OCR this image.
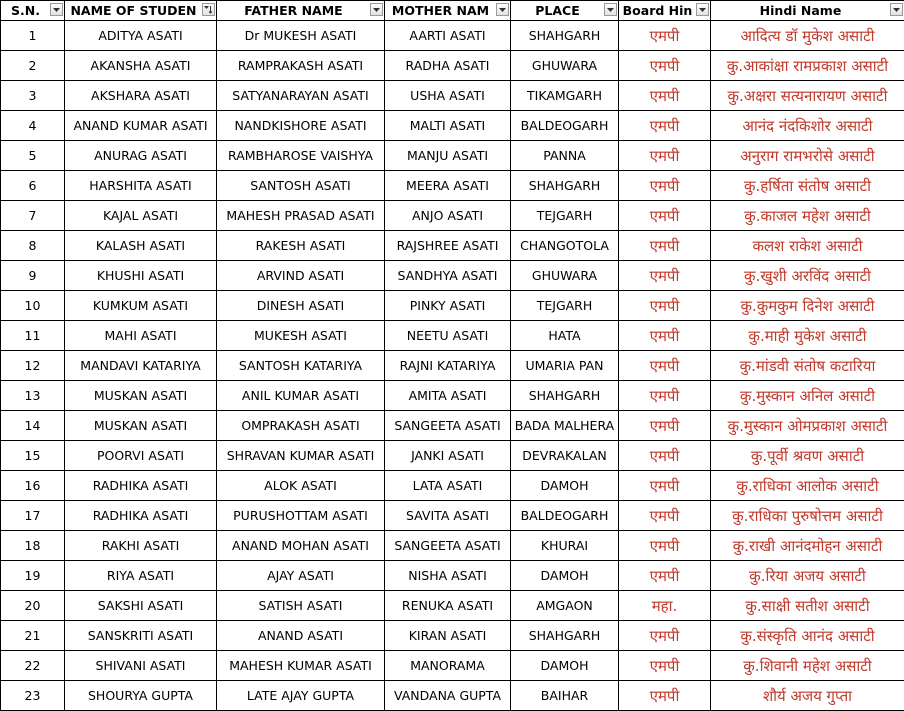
S.N.	NAME OF STUDEN	FATHER NAME	MOTHER NAM	PLACE	Board Hin	Hindi Name

1	ADITYA ASATI	Dr MUKESH ASATI	AARTI ASATI	SHAHGARH	एमपी	आदित्य डॉ मुकेश असाटी
2	AKANSHA ASATI	RAMPRAKASH ASATI	RADHA ASATI	GHUWARA	एमपी	कु.आकांक्षा रामप्रकाश असाटी
3	AKSHARA ASATI	SATYANARAYAN ASATI	USHA ASATI	TIKAMGARH	एमपी	कु.अक्षरा सत्यनारायण असाटी
4	ANAND KUMAR ASATI	NANDKISHORE ASATI	MALTI ASATI	BALDEOGARH	एमपी	आनंद नंदकिशोर असाटी
5	ANURAG ASATI	RAMBHAROSE VAISHYA	MANJU ASATI	PANNA	एमपी	अनुराग रामभरोसे असाटी
6	HARSHITA ASATI	SANTOSH ASATI	MEERA ASATI	SHAHGARH	एमपी	कु.हर्षिता संतोष असाटी
7	KAJAL ASATI	MAHESH PRASAD ASATI	ANJO ASATI	TEJGARH	एमपी	कु.काजल महेश असाटी
8	KALASH ASATI	RAKESH ASATI	RAJSHREE ASATI	CHANGOTOLA	एमपी	कलश राकेश असाटी
9	KHUSHI ASATI	ARVIND ASATI	SANDHYA ASATI	GHUWARA	एमपी	कु.खुशी अरविंद असाटी
10	KUMKUM ASATI	DINESH ASATI	PINKY ASATI	TEJGARH	एमपी	कु.कुमकुम दिनेश असाटी
11	MAHI ASATI	MUKESH ASATI	NEETU ASATI	HATA	एमपी	कु.माही मुकेश असाटी
12	MANDAVI KATARIYA	SANTOSH KATARIYA	RAJNI KATARIYA	UMARIA PAN	एमपी	कु.मांडवी संतोष कटारिया
13	MUSKAN ASATI	ANIL KUMAR ASATI	AMITA ASATI	SHAHGARH	एमपी	कु.मुस्कान अनिल असाटी
14	MUSKAN ASATI	OMPRAKASH ASATI	SANGEETA ASATI	BADA MALHERA	एमपी	कु.मुस्कान ओमप्रकाश असाटी
15	POORVI ASATI	SHRAVAN KUMAR ASATI	JANKI ASATI	DEVRAKALAN	एमपी	कु.पूर्वी श्रवण असाटी
16	RADHIKA ASATI	ALOK ASATI	LATA ASATI	DAMOH	एमपी	कु.राधिका आलोक असाटी
17	RADHIKA ASATI	PURUSHOTTAM ASATI	SAVITA ASATI	BALDEOGARH	एमपी	कु.राधिका पुरुषोत्तम असाटी
18	RAKHI ASATI	ANAND MOHAN ASATI	SANGEETA ASATI	KHURAI	एमपी	कु.राखी आनंदमोहन असाटी
19	RIYA ASATI	AJAY ASATI	NISHA ASATI	DAMOH	एमपी	कु.रिया अजय असाटी
20	SAKSHI ASATI	SATISH ASATI	RENUKA ASATI	AMGAON	महा.	कु.साक्षी सतीश असाटी
21	SANSKRITI ASATI	ANAND ASATI	KIRAN ASATI	SHAHGARH	एमपी	कु.संस्कृति आनंद असाटी
22	SHIVANI ASATI	MAHESH KUMAR ASATI	MANORAMA	DAMOH	एमपी	कु.शिवानी महेश असाटी
23	SHOURYA GUPTA	LATE AJAY GUPTA	VANDANA GUPTA	BAIHAR	एमपी	शौर्य अजय गुप्ता
